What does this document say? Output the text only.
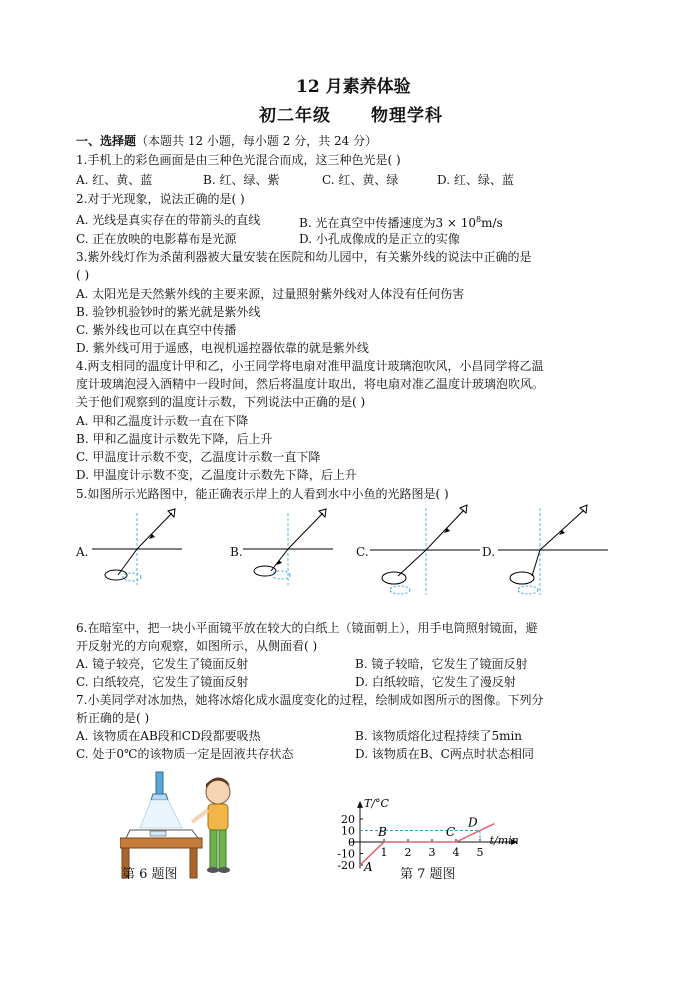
12 月素养体验
初二年级 物理学科
一、选择题（本题共 12 小题，每小题 2 分，共 24 分）
1.手机上的彩色画面是由三种色光混合而成，这三种色光是( )
A. 红、黄、蓝	B. 红、绿、紫	C. 红、黄、绿	D. 红、绿、蓝
2.对于光现象，说法正确的是( )
A. 光线是真实存在的带箭头的直线	B. 光在真空中传播速度为$3 \times 10^8m/s$
C. 正在放映的电影幕布是光源	D. 小孔成像成的是正立的实像
3.紫外线灯作为杀菌利器被大量安装在医院和幼儿园中，有关紫外线的说法中正确的是
( )
A. 太阳光是天然紫外线的主要来源，过量照射紫外线对人体没有任何伤害
B. 验钞机验钞时的紫光就是紫外线
C. 紫外线也可以在真空中传播
D. 紫外线可用于遥感，电视机遥控器依靠的就是紫外线
4.两支相同的温度计甲和乙，小王同学将电扇对准甲温度计玻璃泡吹风，小昌同学将乙温
度计玻璃泡浸入酒精中一段时间，然后将温度计取出，将电扇对准乙温度计玻璃泡吹风。
关于他们观察到的温度计示数，下列说法中正确的是( )
A. 甲和乙温度计示数一直在下降
B. 甲和乙温度计示数先下降，后上升
C. 甲温度计示数不变，乙温度计示数一直下降
D. 甲温度计示数不变，乙温度计示数先下降，后上升
5.如图所示光路图中，能正确表示岸上的人看到水中小鱼的光路图是( )
A.	B.	C.	D.
6.在暗室中，把一块小平面镜平放在较大的白纸上（镜面朝上），用手电筒照射镜面，避
开反射光的方向观察，如图所示，从侧面看( )
A. 镜子较亮，它发生了镜面反射	B. 镜子较暗，它发生了镜面反射
C. 白纸较亮，它发生了镜面反射	D. 白纸较暗，它发生了漫反射
7.小美同学对冰加热，她将冰熔化成水温度变化的过程，绘制成如图所示的图像。下列分
析正确的是( )
A. 该物质在AB段和CD段都要吸热	B. 该物质熔化过程持续了5min
C. 处于0℃的该物质一定是固液共存状态	D. 该物质在B、C两点时状态相同
第 6 题图
T/°C
t/min
20
10
0
-10
-20
1 2 3 4 5
A
B	C
D
第 7 题图
